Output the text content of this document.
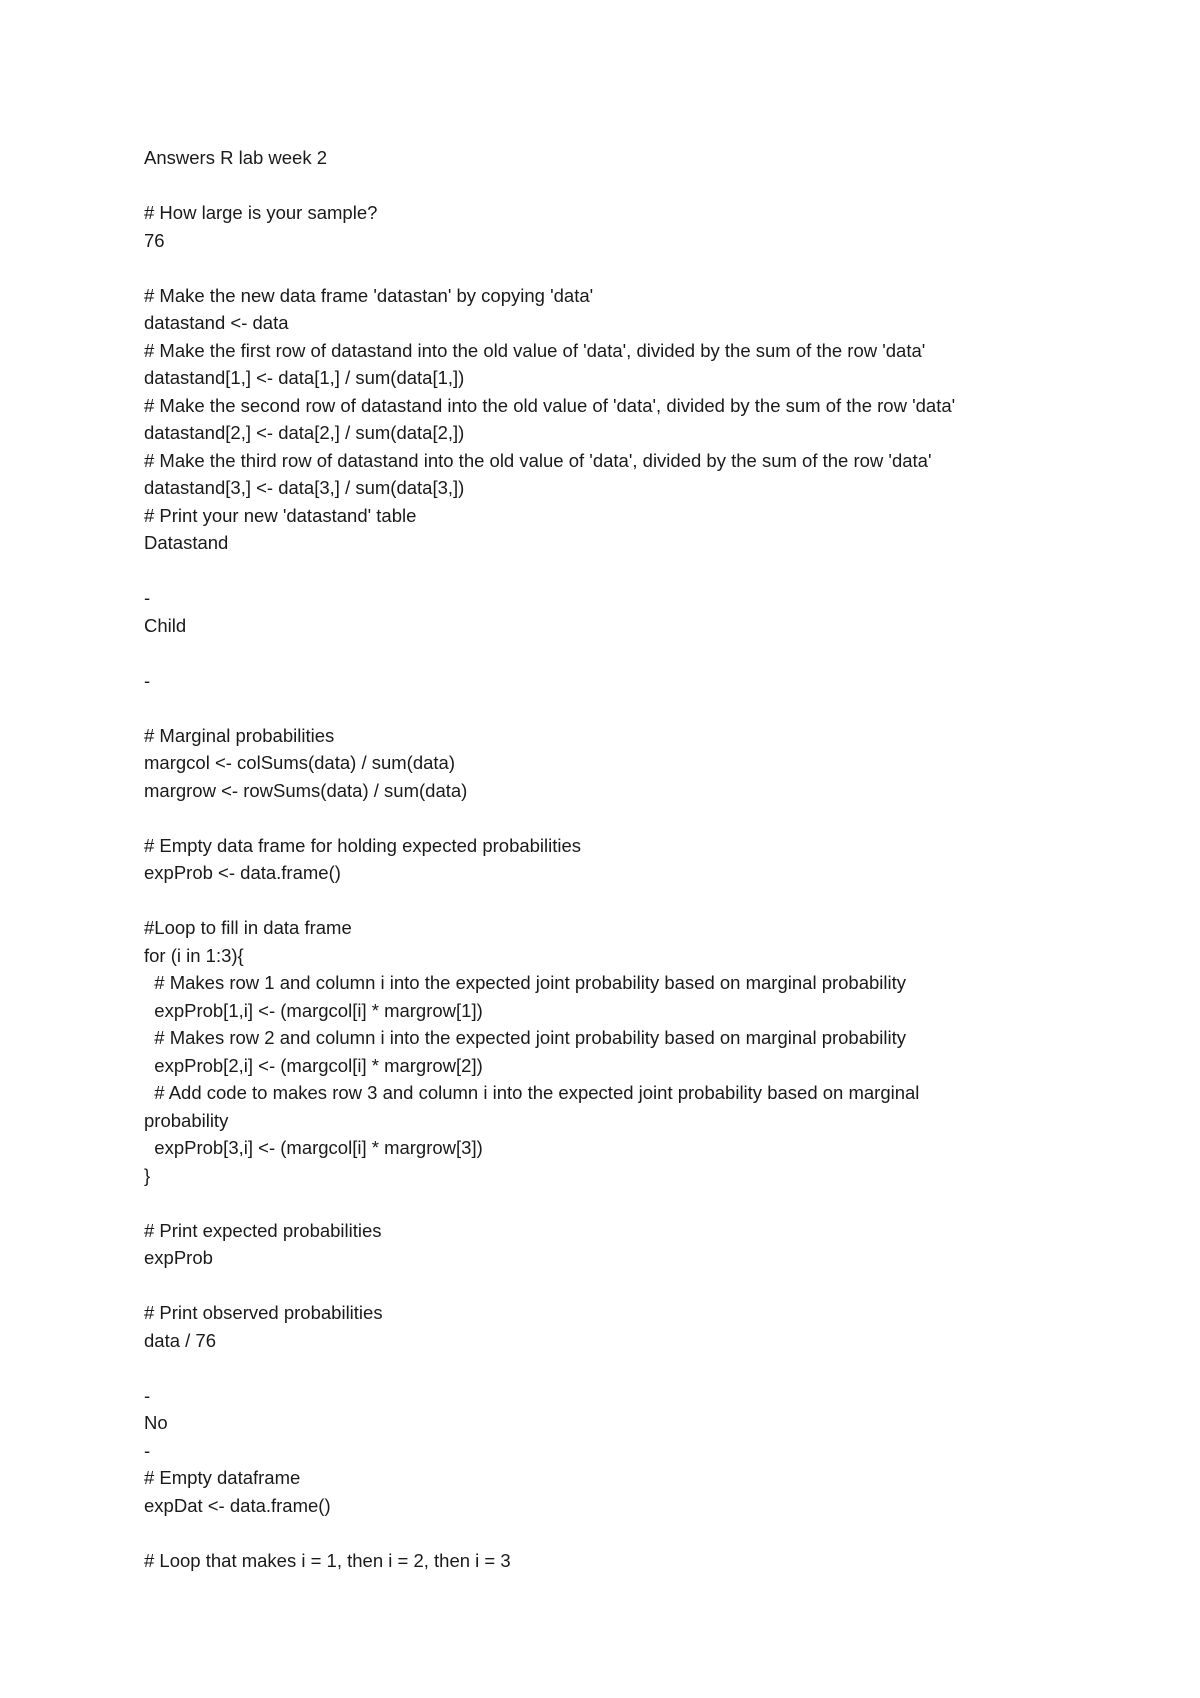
Answers R lab week 2
# How large is your sample?
76
# Make the new data frame 'datastan' by copying 'data'
datastand <- data
# Make the first row of datastand into the old value of 'data', divided by the sum of the row 'data'
datastand[1,] <- data[1,] / sum(data[1,])
# Make the second row of datastand into the old value of 'data', divided by the sum of the row 'data'
datastand[2,] <- data[2,] / sum(data[2,])
# Make the third row of datastand into the old value of 'data', divided by the sum of the row 'data'
datastand[3,] <- data[3,] / sum(data[3,])
# Print your new 'datastand' table
Datastand
-
Child
-
# Marginal probabilities
margcol <- colSums(data) / sum(data)
margrow <- rowSums(data) / sum(data)
# Empty data frame for holding expected probabilities
expProb <- data.frame()
#Loop to fill in data frame
for (i in 1:3){
# Makes row 1 and column i into the expected joint probability based on marginal probability
expProb[1,i] <- (margcol[i] * margrow[1])
# Makes row 2 and column i into the expected joint probability based on marginal probability
expProb[2,i] <- (margcol[i] * margrow[2])
# Add code to makes row 3 and column i into the expected joint probability based on marginal
probability
expProb[3,i] <- (margcol[i] * margrow[3])
}
# Print expected probabilities
expProb
# Print observed probabilities
data / 76
-
No
-
# Empty dataframe
expDat <- data.frame()
# Loop that makes i = 1, then i = 2, then i = 3
